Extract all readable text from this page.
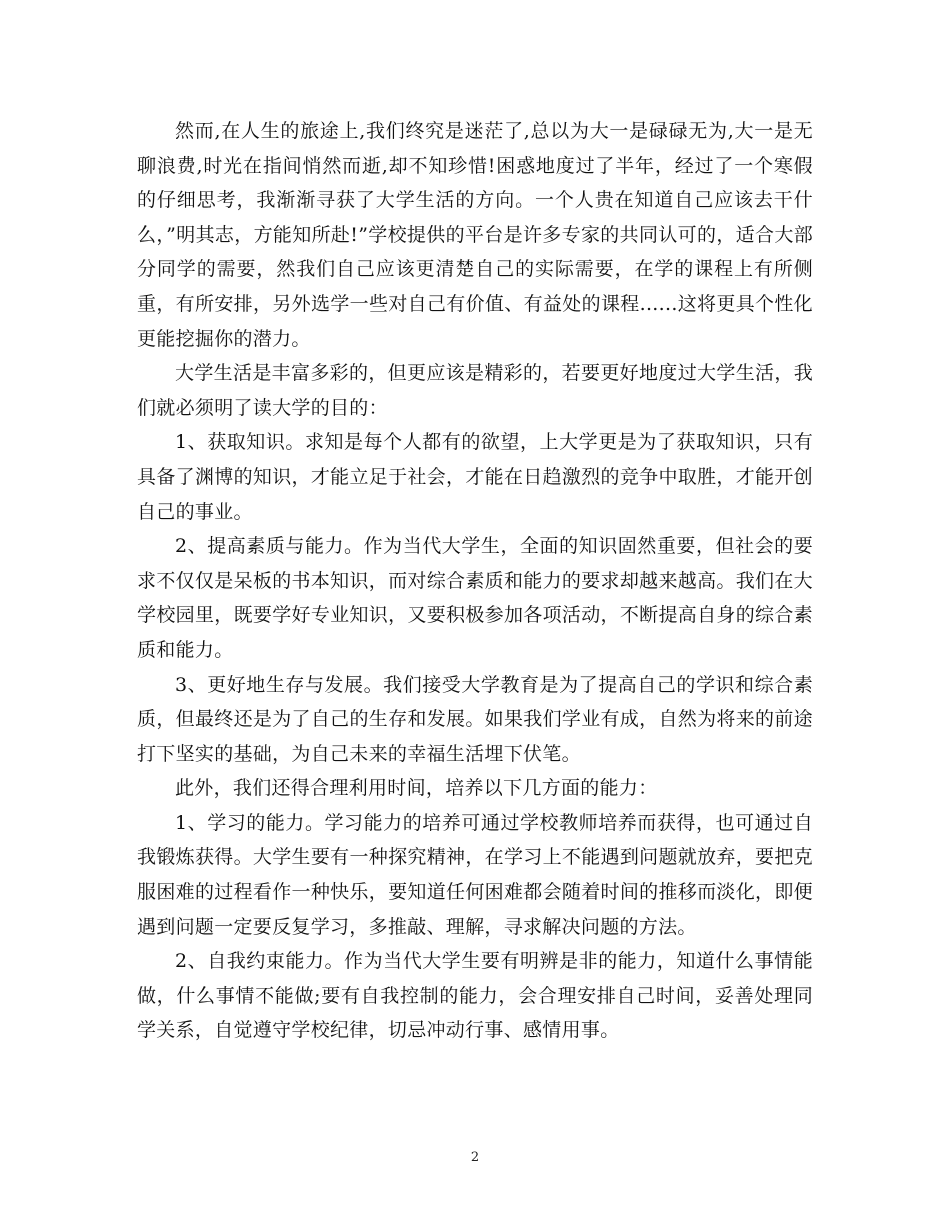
然而,在人生的旅途上,我们终究是迷茫了,总以为大一是碌碌无为,大一是无聊浪费,时光在指间悄然而逝,却不知珍惜!困惑地度过了半年，经过了一个寒假的仔细思考，我渐渐寻获了大学生活的方向。一个人贵在知道自己应该去干什么，”明其志，方能知所赴!”学校提供的平台是许多专家的共同认可的，适合大部分同学的需要，然我们自己应该更清楚自己的实际需要，在学的课程上有所侧重，有所安排，另外选学一些对自己有价值、有益处的课程......这将更具个性化更能挖掘你的潜力。

大学生活是丰富多彩的，但更应该是精彩的，若要更好地度过大学生活，我们就必须明了读大学的目的：

1、获取知识。求知是每个人都有的欲望，上大学更是为了获取知识，只有具备了渊博的知识，才能立足于社会，才能在日趋激烈的竞争中取胜，才能开创自己的事业。

2、提高素质与能力。作为当代大学生，全面的知识固然重要，但社会的要求不仅仅是呆板的书本知识，而对综合素质和能力的要求却越来越高。我们在大学校园里，既要学好专业知识，又要积极参加各项活动，不断提高自身的综合素质和能力。

3、更好地生存与发展。我们接受大学教育是为了提高自己的学识和综合素质，但最终还是为了自己的生存和发展。如果我们学业有成，自然为将来的前途打下坚实的基础，为自己未来的幸福生活埋下伏笔。

此外，我们还得合理利用时间，培养以下几方面的能力：

1、学习的能力。学习能力的培养可通过学校教师培养而获得，也可通过自我锻炼获得。大学生要有一种探究精神，在学习上不能遇到问题就放弃，要把克服困难的过程看作一种快乐，要知道任何困难都会随着时间的推移而淡化，即便遇到问题一定要反复学习，多推敲、理解，寻求解决问题的方法。

2、自我约束能力。作为当代大学生要有明辨是非的能力，知道什么事情能做，什么事情不能做;要有自我控制的能力，会合理安排自己时间，妥善处理同学关系，自觉遵守学校纪律，切忌冲动行事、感情用事。

2
